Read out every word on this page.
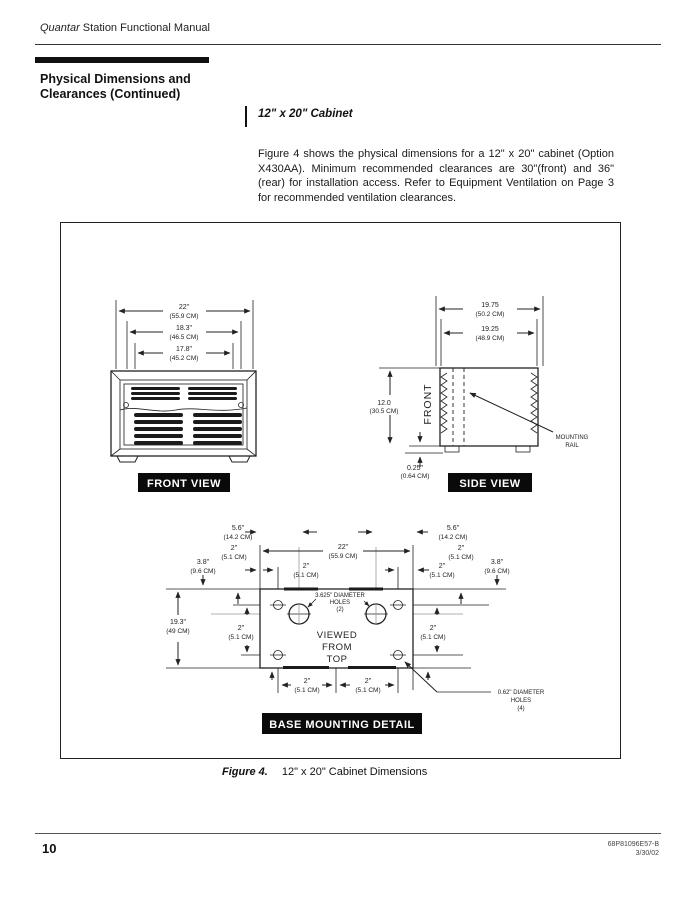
Quantar Station Functional Manual
Physical Dimensions and
Clearances (Continued)
12" x 20" Cabinet

Figure 4 shows the physical dimensions for a 12" x 20" cabinet (Option X430AA). Minimum recommended clearances are 30"(front) and 36" (rear) for installation access. Refer to Equipment Ventilation on Page 3 for recommended ventilation clearances.

22"
(55.9 CM)
18.3"
(46.5 CM)
17.8"
(45.2 CM)
FRONT VIEW
19.75
(50.2 CM)
19.25
(48.9 CM)
FRONT
12.0
(30.5 CM)
0.25"
(0.64 CM)
MOUNTING
RAIL
SIDE VIEW
5.6"
(14.2 CM)
5.6"
(14.2 CM)
22"
(55.9 CM)
2"
(5.1 CM)
2"
(5.1 CM)
2"
(5.1 CM)
2"
(5.1 CM)
3.8"
(9.6 CM)
3.8"
(9.6 CM)
19.3"
(49 CM)	2"
(5.1 CM)
2"
(5.1 CM)
2"
(5.1 CM)
2"
(5.1 CM)
3.625" DIAMETER
HOLES
(2)
VIEWED
FROM
TOP
0.62" DIAMETER
HOLES
(4)
BASE MOUNTING DETAIL
Figure 4. 12" x 20" Cabinet Dimensions
10	68P81096E57-B
3/30/02
